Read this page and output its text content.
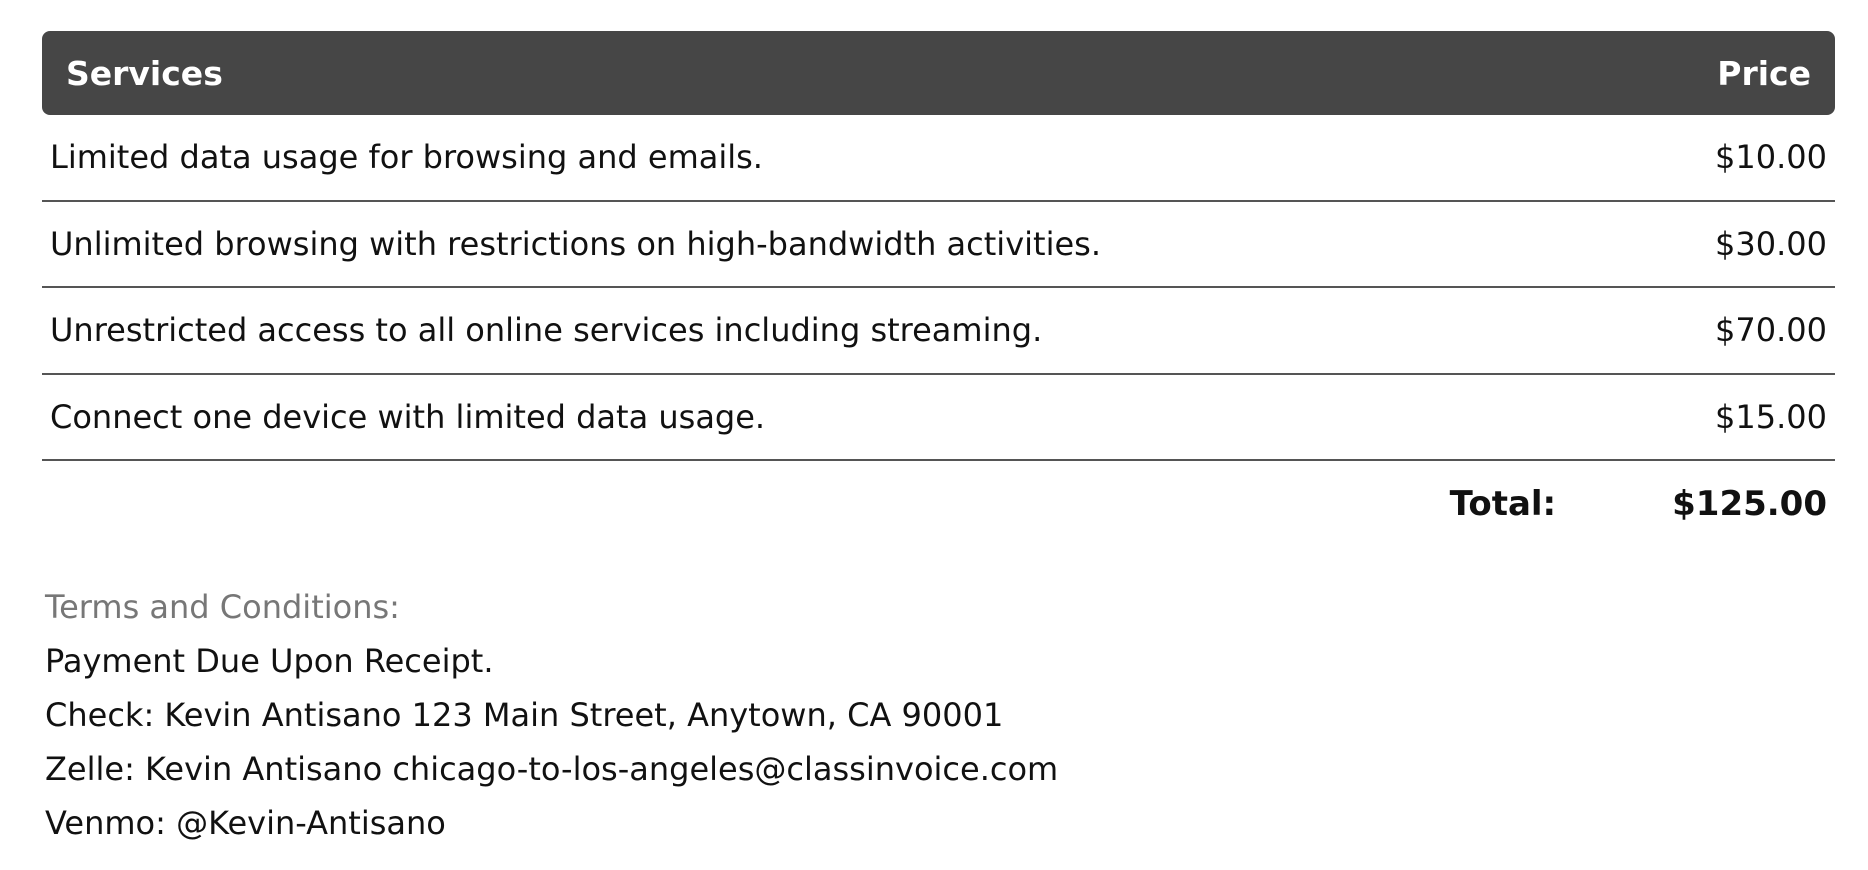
Services	Price
Limited data usage for browsing and emails.	$10.00
Unlimited browsing with restrictions on high-bandwidth activities.	$30.00
Unrestricted access to all online services including streaming.	$70.00
Connect one device with limited data usage.	$15.00
Total:	$125.00
Terms and Conditions:
Payment Due Upon Receipt.
Check: Kevin Antisano 123 Main Street, Anytown, CA 90001
Zelle: Kevin Antisano chicago-to-los-angeles@classinvoice.com
Venmo: @Kevin-Antisano
